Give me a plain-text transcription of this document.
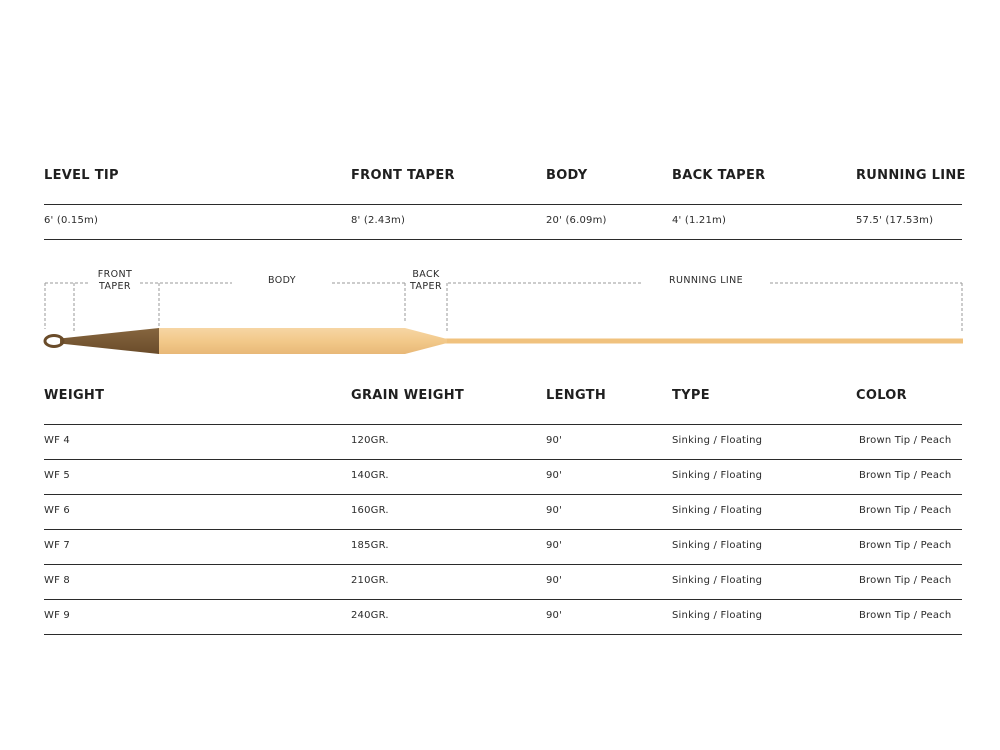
LEVEL TIP	FRONT TAPER	BODY	BACK TAPER	RUNNING LINE
6' (0.15m)	8' (2.43m)	20' (6.09m)	4' (1.21m)	57.5' (17.53m)
FRONT
TAPER
BODY
BACK
TAPER
RUNNING LINE
WEIGHT	GRAIN WEIGHT	LENGTH	TYPE	COLOR
WF 4	120GR.	90'	Sinking / Floating	Brown Tip / Peach
WF 5	140GR.	90'	Sinking / Floating	Brown Tip / Peach
WF 6	160GR.	90'	Sinking / Floating	Brown Tip / Peach
WF 7	185GR.	90'	Sinking / Floating	Brown Tip / Peach
WF 8	210GR.	90'	Sinking / Floating	Brown Tip / Peach
WF 9	240GR.	90'	Sinking / Floating	Brown Tip / Peach
